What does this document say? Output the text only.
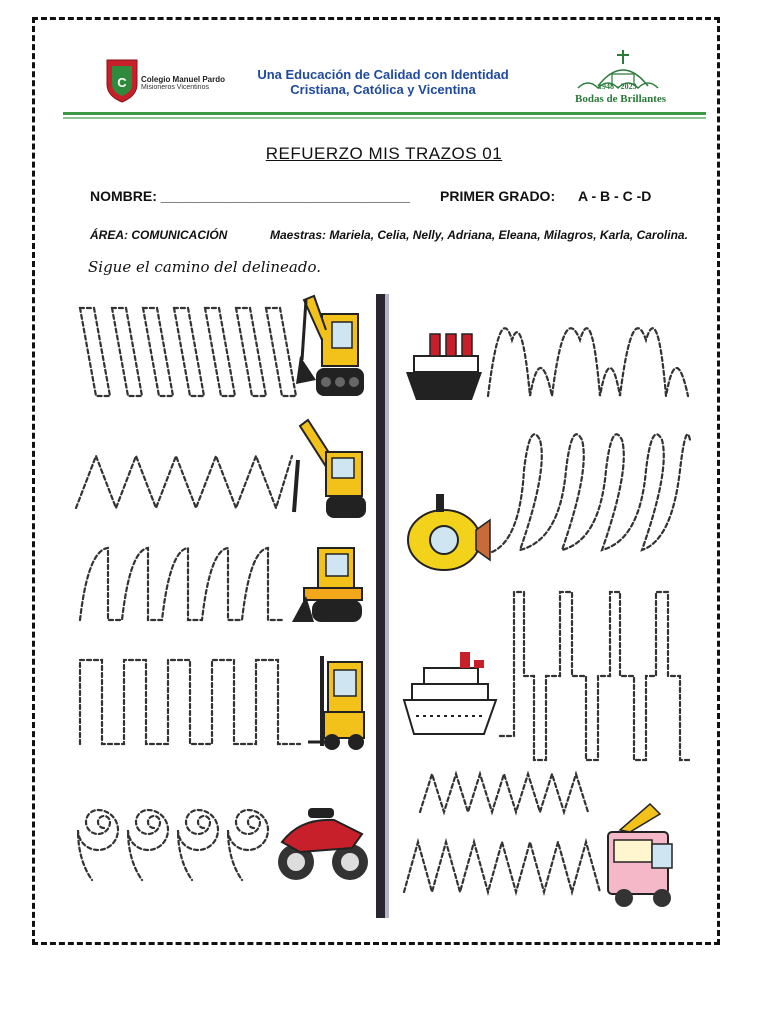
C Colegio Manuel Pardo
Misioneros Vicentinos
Una Educación de Calidad con Identidad
Cristiana, Católica y Vicentina	1948 - 2023
Bodas de Brillantes
REFUERZO MIS TRAZOS 01
NOMBRE: ________________________________ PRIMER GRADO: A - B - C -D
ÁREA: COMUNICACIÓN	Maestras: Mariela, Celia, Nelly, Adriana, Eleana, Milagros, Karla, Carolina.
Sigue el camino del delineado.
